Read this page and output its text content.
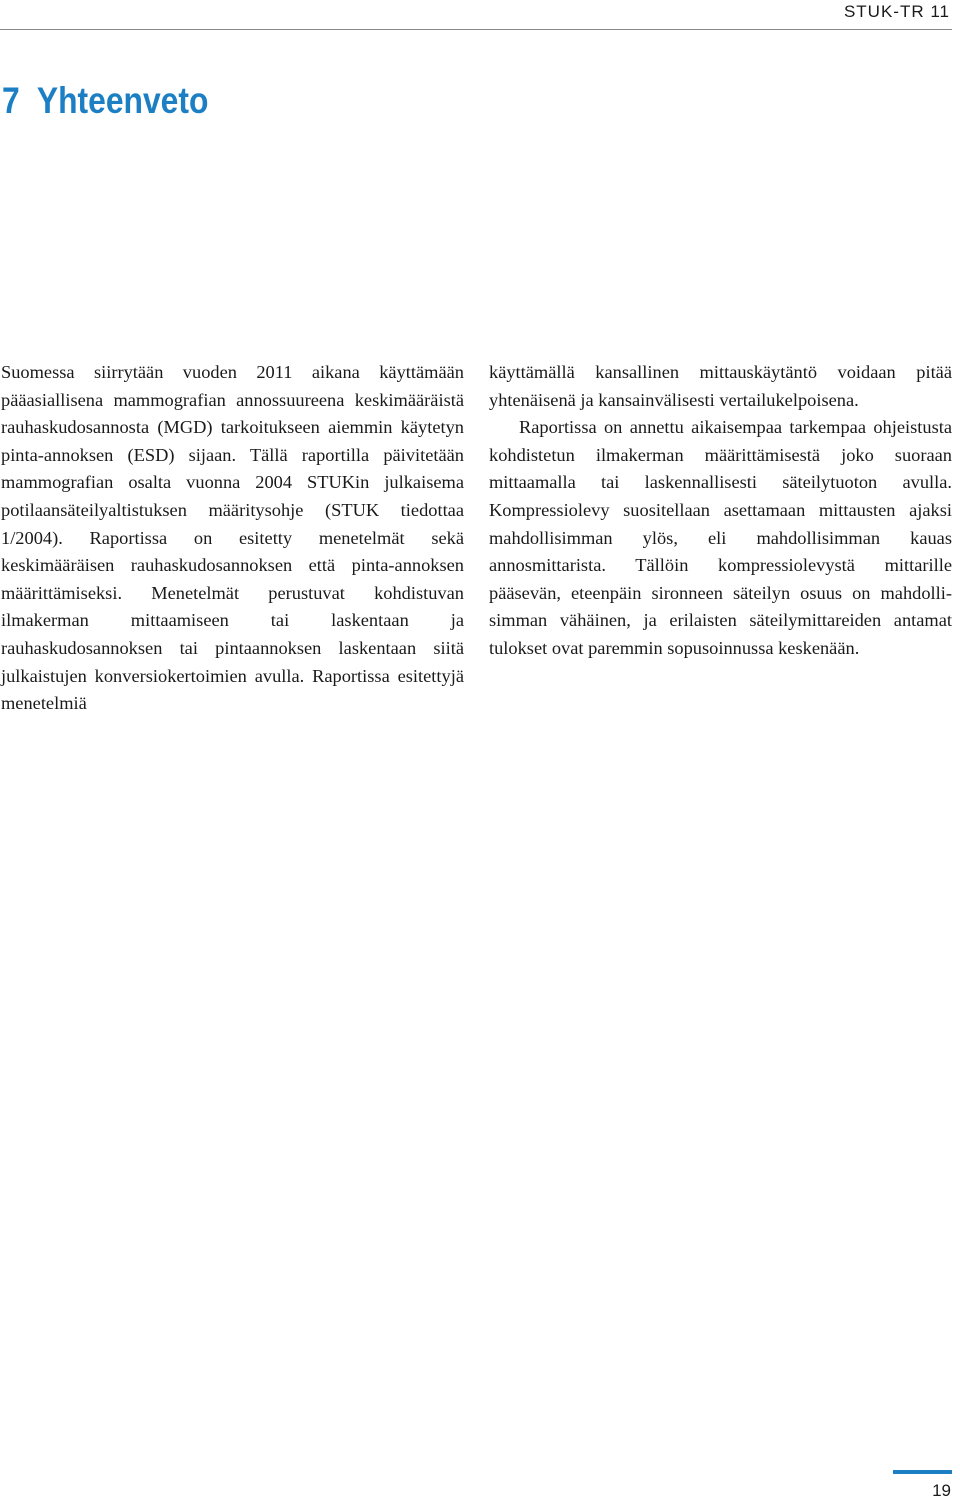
STUK-TR 11
7 Yhteenveto

Suomessa siirrytään vuoden 2011 aikana käyttämään pääasiallisena mammografian annossuureena keskimääräistä rauhaskudosannosta (MGD) tarkoitukseen aiemmin käytetyn pinta-annoksen (ESD) sijaan. Tällä raportilla päivitetään mammografian osalta vuonna 2004 STUKin julkaisema potilaansäteilyaltistuksen määritysohje (STUK tiedottaa 1/2004). Raportissa on esitetty menetelmät sekä keskimääräisen rauhaskudosannoksen että pinta-annoksen määrittämiseksi. Menetelmät perustuvat kohdistuvan ilmakerman mittaamiseen tai laskentaan ja rauhaskudosannoksen tai pintaannoksen laskentaan siitä julkaistujen konversiokertoimien avulla. Raportissa esitettyjä menetelmiä

käyttämällä kansallinen mittauskäytäntö voidaan pitää yhtenäisenä ja kansainvälisesti vertailukelpoisena.

Raportissa on annettu aikaisempaa tarkempaa ohjeistusta kohdistetun ilmakerman määrittämisestä joko suoraan mittaamalla tai laskennallisesti säteilytuoton avulla. Kompressiolevy suositellaan asettamaan mittausten ajaksi mahdollisimman ylös, eli mahdollisimman kauas annosmittarista. Tällöin kompressiolevystä mittarille pääsevän, eteenpäin sironneen säteilyn osuus on mahdollisimman vähäinen, ja erilaisten säteilymittareiden antamat tulokset ovat paremmin sopusoinnussa keskenään.

19
